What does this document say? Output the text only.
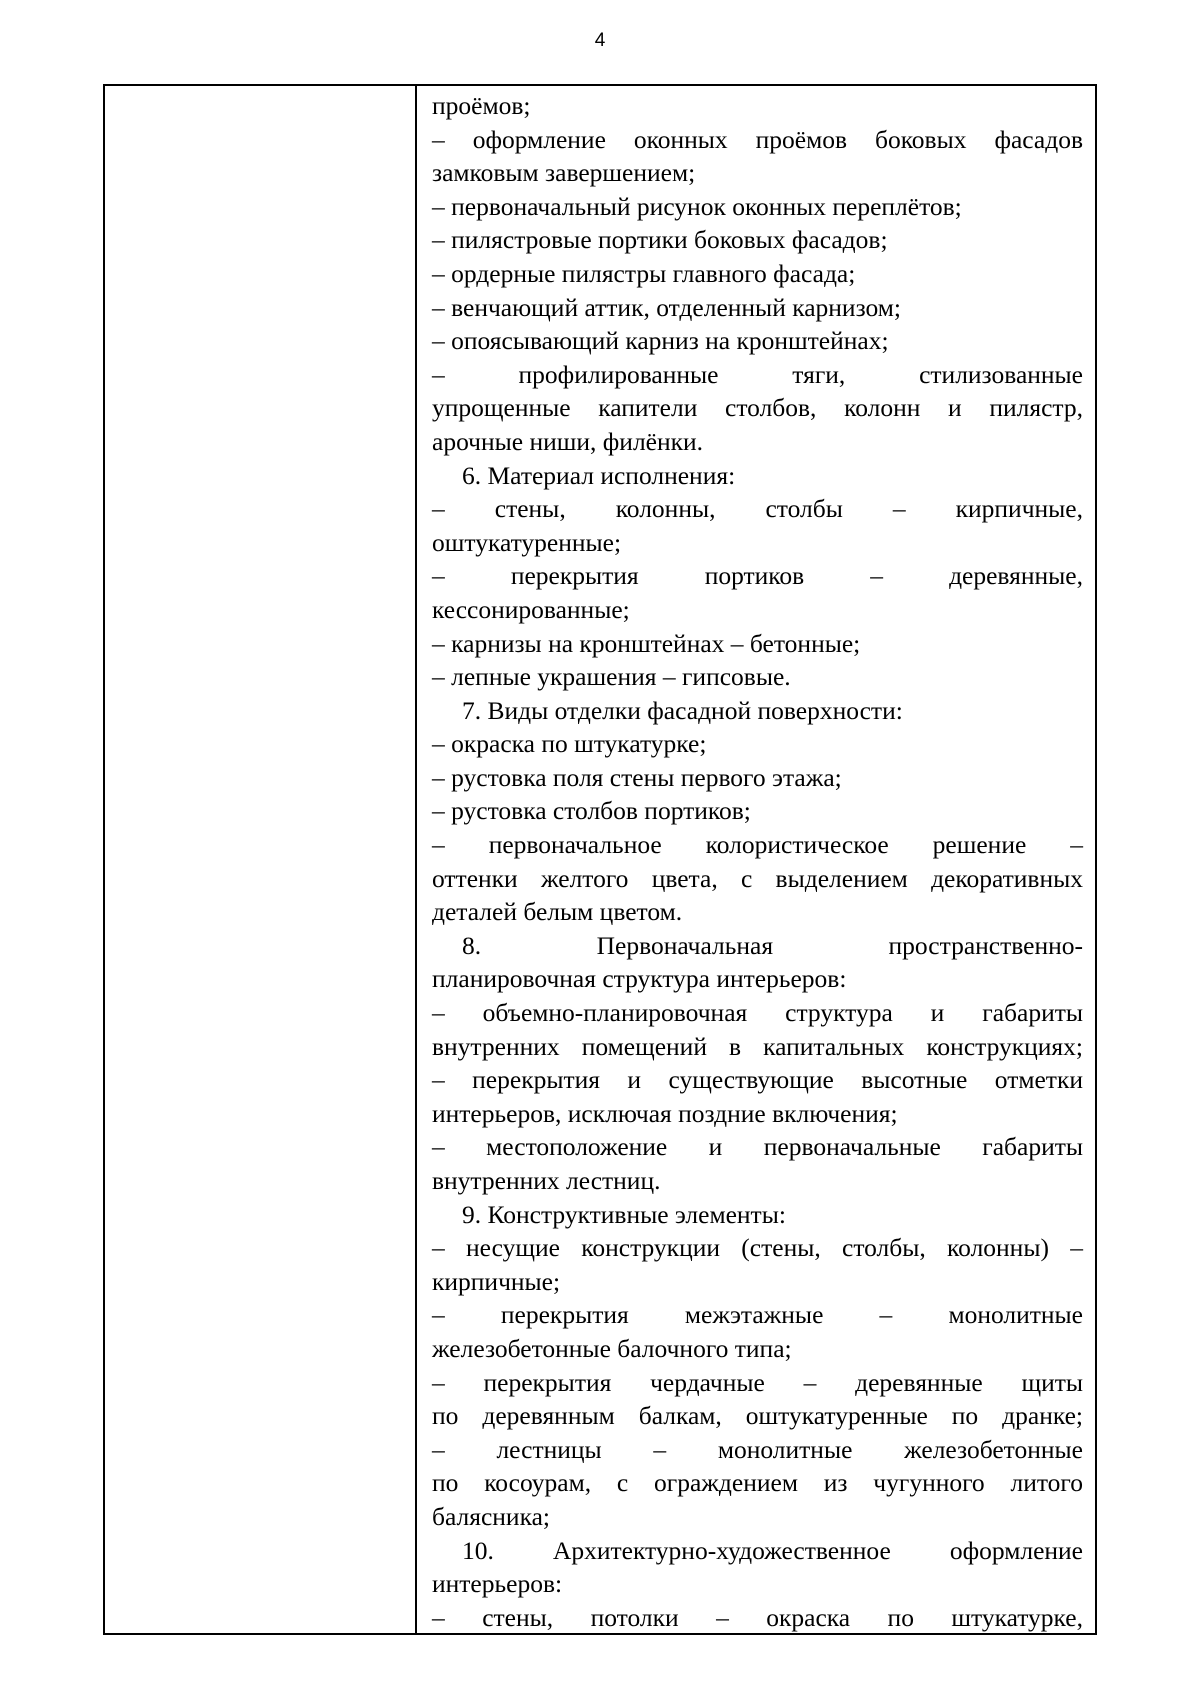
4
проёмов;
– оформление оконных проёмов боковых фасадов
замковым завершением;
– первоначальный рисунок оконных переплётов;
– пилястровые портики боковых фасадов;
– ордерные пилястры главного фасада;
– венчающий аттик, отделенный карнизом;
– опоясывающий карниз на кронштейнах;
– профилированные тяги, стилизованные
упрощенные капители столбов, колонн и пилястр,
арочные ниши, филёнки.
6. Материал исполнения:
– стены, колонны, столбы – кирпичные,
оштукатуренные;
– перекрытия портиков – деревянные,
кессонированные;
– карнизы на кронштейнах – бетонные;
– лепные украшения – гипсовые.
7. Виды отделки фасадной поверхности:
– окраска по штукатурке;
– рустовка поля стены первого этажа;
– рустовка столбов портиков;
– первоначальное колористическое решение –
оттенки желтого цвета, с выделением декоративных
деталей белым цветом.
8. Первоначальная пространственно-
планировочная структура интерьеров:
– объемно-планировочная структура и габариты
внутренних помещений в капитальных конструкциях;
– перекрытия и существующие высотные отметки
интерьеров, исключая поздние включения;
– местоположение и первоначальные габариты
внутренних лестниц.
9. Конструктивные элементы:
– несущие конструкции (стены, столбы, колонны) –
кирпичные;
– перекрытия межэтажные – монолитные
железобетонные балочного типа;
– перекрытия чердачные – деревянные щиты
по деревянным балкам, оштукатуренные по дранке;
– лестницы – монолитные железобетонные
по косоурам, с ограждением из чугунного литого
балясника;
10. Архитектурно-художественное оформление
интерьеров:
– стены, потолки – окраска по штукатурке,
